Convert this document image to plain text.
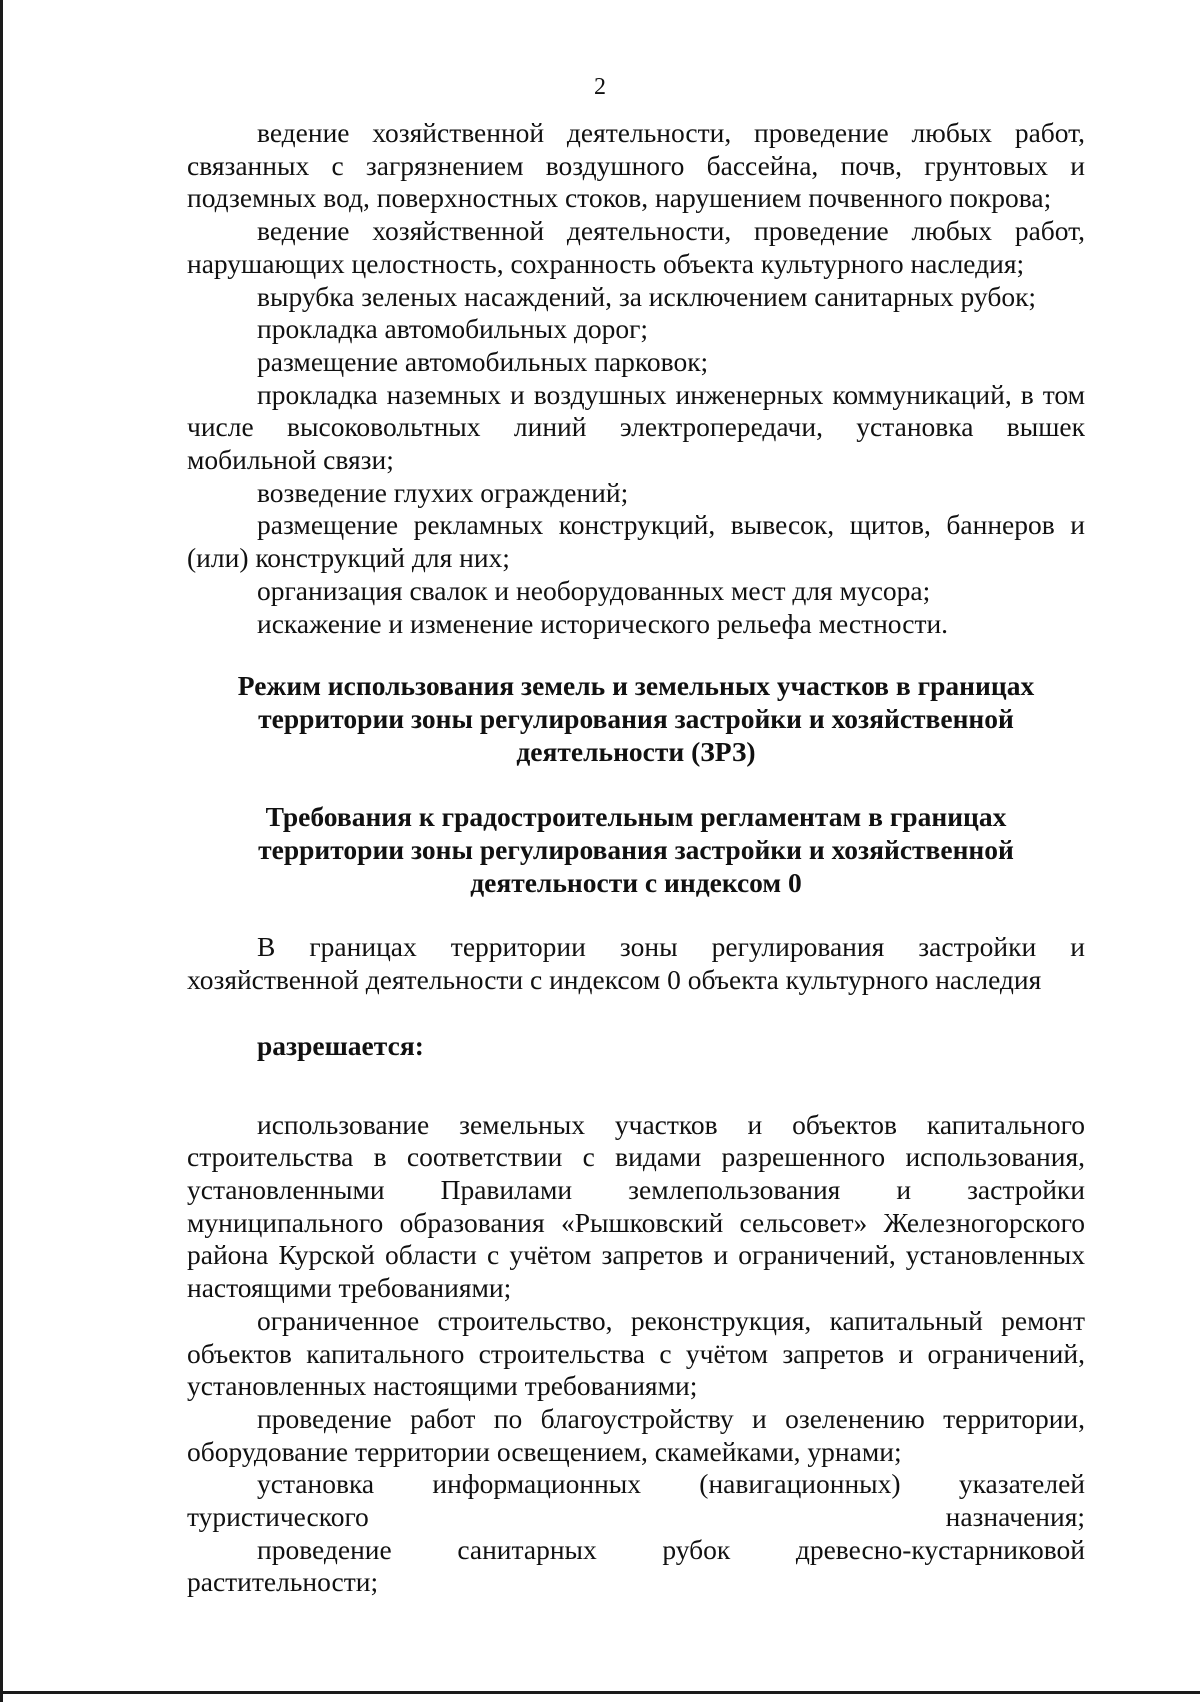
2

ведение хозяйственной деятельности, проведение любых работ, связанных с загрязнением воздушного бассейна, почв, грунтовых и подземных вод, поверхностных стоков, нарушением почвенного покрова;

ведение хозяйственной деятельности, проведение любых работ, нарушающих целостность, сохранность объекта культурного наследия;

вырубка зеленых насаждений, за исключением санитарных рубок;

прокладка автомобильных дорог;

размещение автомобильных парковок;

прокладка наземных и воздушных инженерных коммуникаций, в том числе высоковольтных линий электропередачи, установка вышек мобильной связи;

возведение глухих ограждений;

размещение рекламных конструкций, вывесок, щитов, баннеров и (или) конструкций для них;

организация свалок и необорудованных мест для мусора;

искажение и изменение исторического рельефа местности.

Режим использования земель и земельных участков в границах территории зоны регулирования застройки и хозяйственной деятельности (ЗРЗ)

Требования к градостроительным регламентам в границах территории зоны регулирования застройки и хозяйственной деятельности с индексом 0

В границах территории зоны регулирования застройки и хозяйственной деятельности с индексом 0 объекта культурного наследия

разрешается:

использование земельных участков и объектов капитального строительства в соответствии с видами разрешенного использования, установленными Правилами землепользования и застройки муниципального образования «Рышковский сельсовет» Железногорского района Курской области с учётом запретов и ограничений, установленных настоящими требованиями;

ограниченное строительство, реконструкция, капитальный ремонт объектов капитального строительства с учётом запретов и ограничений, установленных настоящими требованиями;

проведение работ по благоустройству и озеленению территории, оборудование территории освещением, скамейками, урнами;

установка информационных (навигационных) указателей туристического назначения;

проведение санитарных рубок древесно-кустарниковой растительности;
